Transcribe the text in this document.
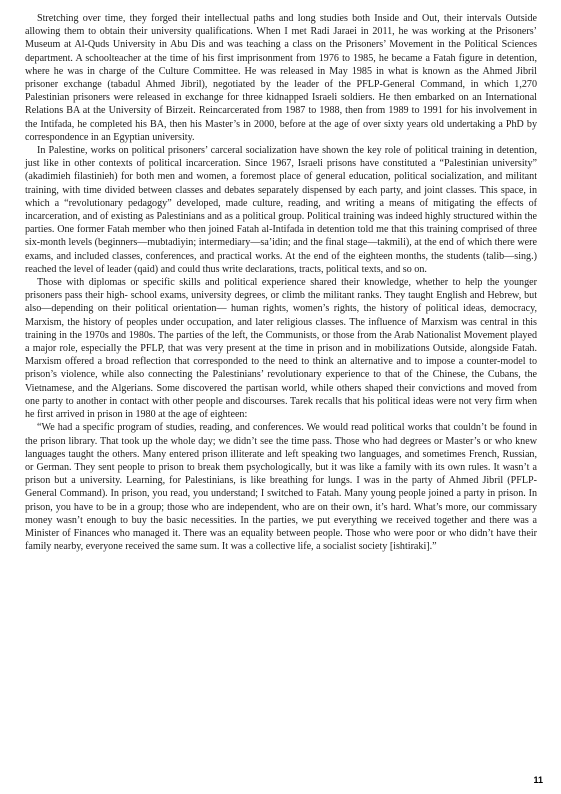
Stretching over time, they forged their intellectual paths and long studies both Inside and Out, their intervals Outside allowing them to obtain their university qualifications. When I met Radi Jaraei in 2011, he was working at the Prisoners’ Museum at Al-Quds University in Abu Dis and was teaching a class on the Prisoners’ Movement in the Political Sciences department. A schoolteacher at the time of his first imprisonment from 1976 to 1985, he became a Fatah figure in detention, where he was in charge of the Culture Committee. He was released in May 1985 in what is known as the Ahmed Jibril prisoner exchange (tabadul Ahmed Jibril), negotiated by the leader of the PFLP-General Command, in which 1,270 Palestinian prisoners were released in exchange for three kidnapped Israeli soldiers. He then embarked on an International Relations BA at the University of Birzeit. Reincarcerated from 1987 to 1988, then from 1989 to 1991 for his involvement in the Intifada, he completed his BA, then his Master’s in 2000, before at the age of over sixty years old undertaking a PhD by correspondence in an Egyptian university.

In Palestine, works on political prisoners’ carceral socialization have shown the key role of political training in detention, just like in other contexts of political incarceration. Since 1967, Israeli prisons have constituted a “Palestinian university” (akadimieh filastinieh) for both men and women, a foremost place of general education, political socialization, and militant training, with time divided between classes and debates separately dispensed by each party, and joint classes. This space, in which a “revolutionary pedagogy” developed, made culture, reading, and writing a means of mitigating the effects of incarceration, and of existing as Palestinians and as a political group. Political training was indeed highly structured within the parties. One former Fatah member who then joined Fatah al-Intifada in detention told me that this training comprised of three six-month levels (beginners—mubtadiyin; intermediary—sa’idin; and the final stage—takmili), at the end of which there were exams, and included classes, conferences, and practical works. At the end of the eighteen months, the students (talib—sing.) reached the level of leader (qaid) and could thus write declarations, tracts, political texts, and so on.

Those with diplomas or specific skills and political experience shared their knowledge, whether to help the younger prisoners pass their high- school exams, university degrees, or climb the militant ranks. They taught English and Hebrew, but also—depending on their political orientation— human rights, women’s rights, the history of political ideas, democracy, Marxism, the history of peoples under occupation, and later religious classes. The influence of Marxism was central in this training in the 1970s and 1980s. The parties of the left, the Communists, or those from the Arab Nationalist Movement played a major role, especially the PFLP, that was very present at the time in prison and in mobilizations Outside, alongside Fatah. Marxism offered a broad reflection that corresponded to the need to think an alternative and to impose a counter-model to prison’s violence, while also connecting the Palestinians’ revolutionary experience to that of the Chinese, the Cubans, the Vietnamese, and the Algerians. Some discovered the partisan world, while others shaped their convictions and moved from one party to another in contact with other people and discourses. Tarek recalls that his political ideas were not very firm when he first arrived in prison in 1980 at the age of eighteen:

“We had a specific program of studies, reading, and conferences. We would read political works that couldn’t be found in the prison library. That took up the whole day; we didn’t see the time pass. Those who had degrees or Master’s or who knew languages taught the others. Many entered prison illiterate and left speaking two languages, and sometimes French, Russian, or German. They sent people to prison to break them psychologically, but it was like a family with its own rules. It wasn’t a prison but a university. Learning, for Palestinians, is like breathing for lungs. I was in the party of Ahmed Jibril (PFLP-General Command). In prison, you read, you understand; I switched to Fatah. Many young people joined a party in prison. In prison, you have to be in a group; those who are independent, who are on their own, it’s hard. What’s more, our commissary money wasn’t enough to buy the basic necessities. In the parties, we put everything we received together and there was a Minister of Finances who managed it. There was an equality between people. Those who were poor or who didn’t have their family nearby, everyone received the same sum. It was a collective life, a socialist society [ishtiraki].”

11
